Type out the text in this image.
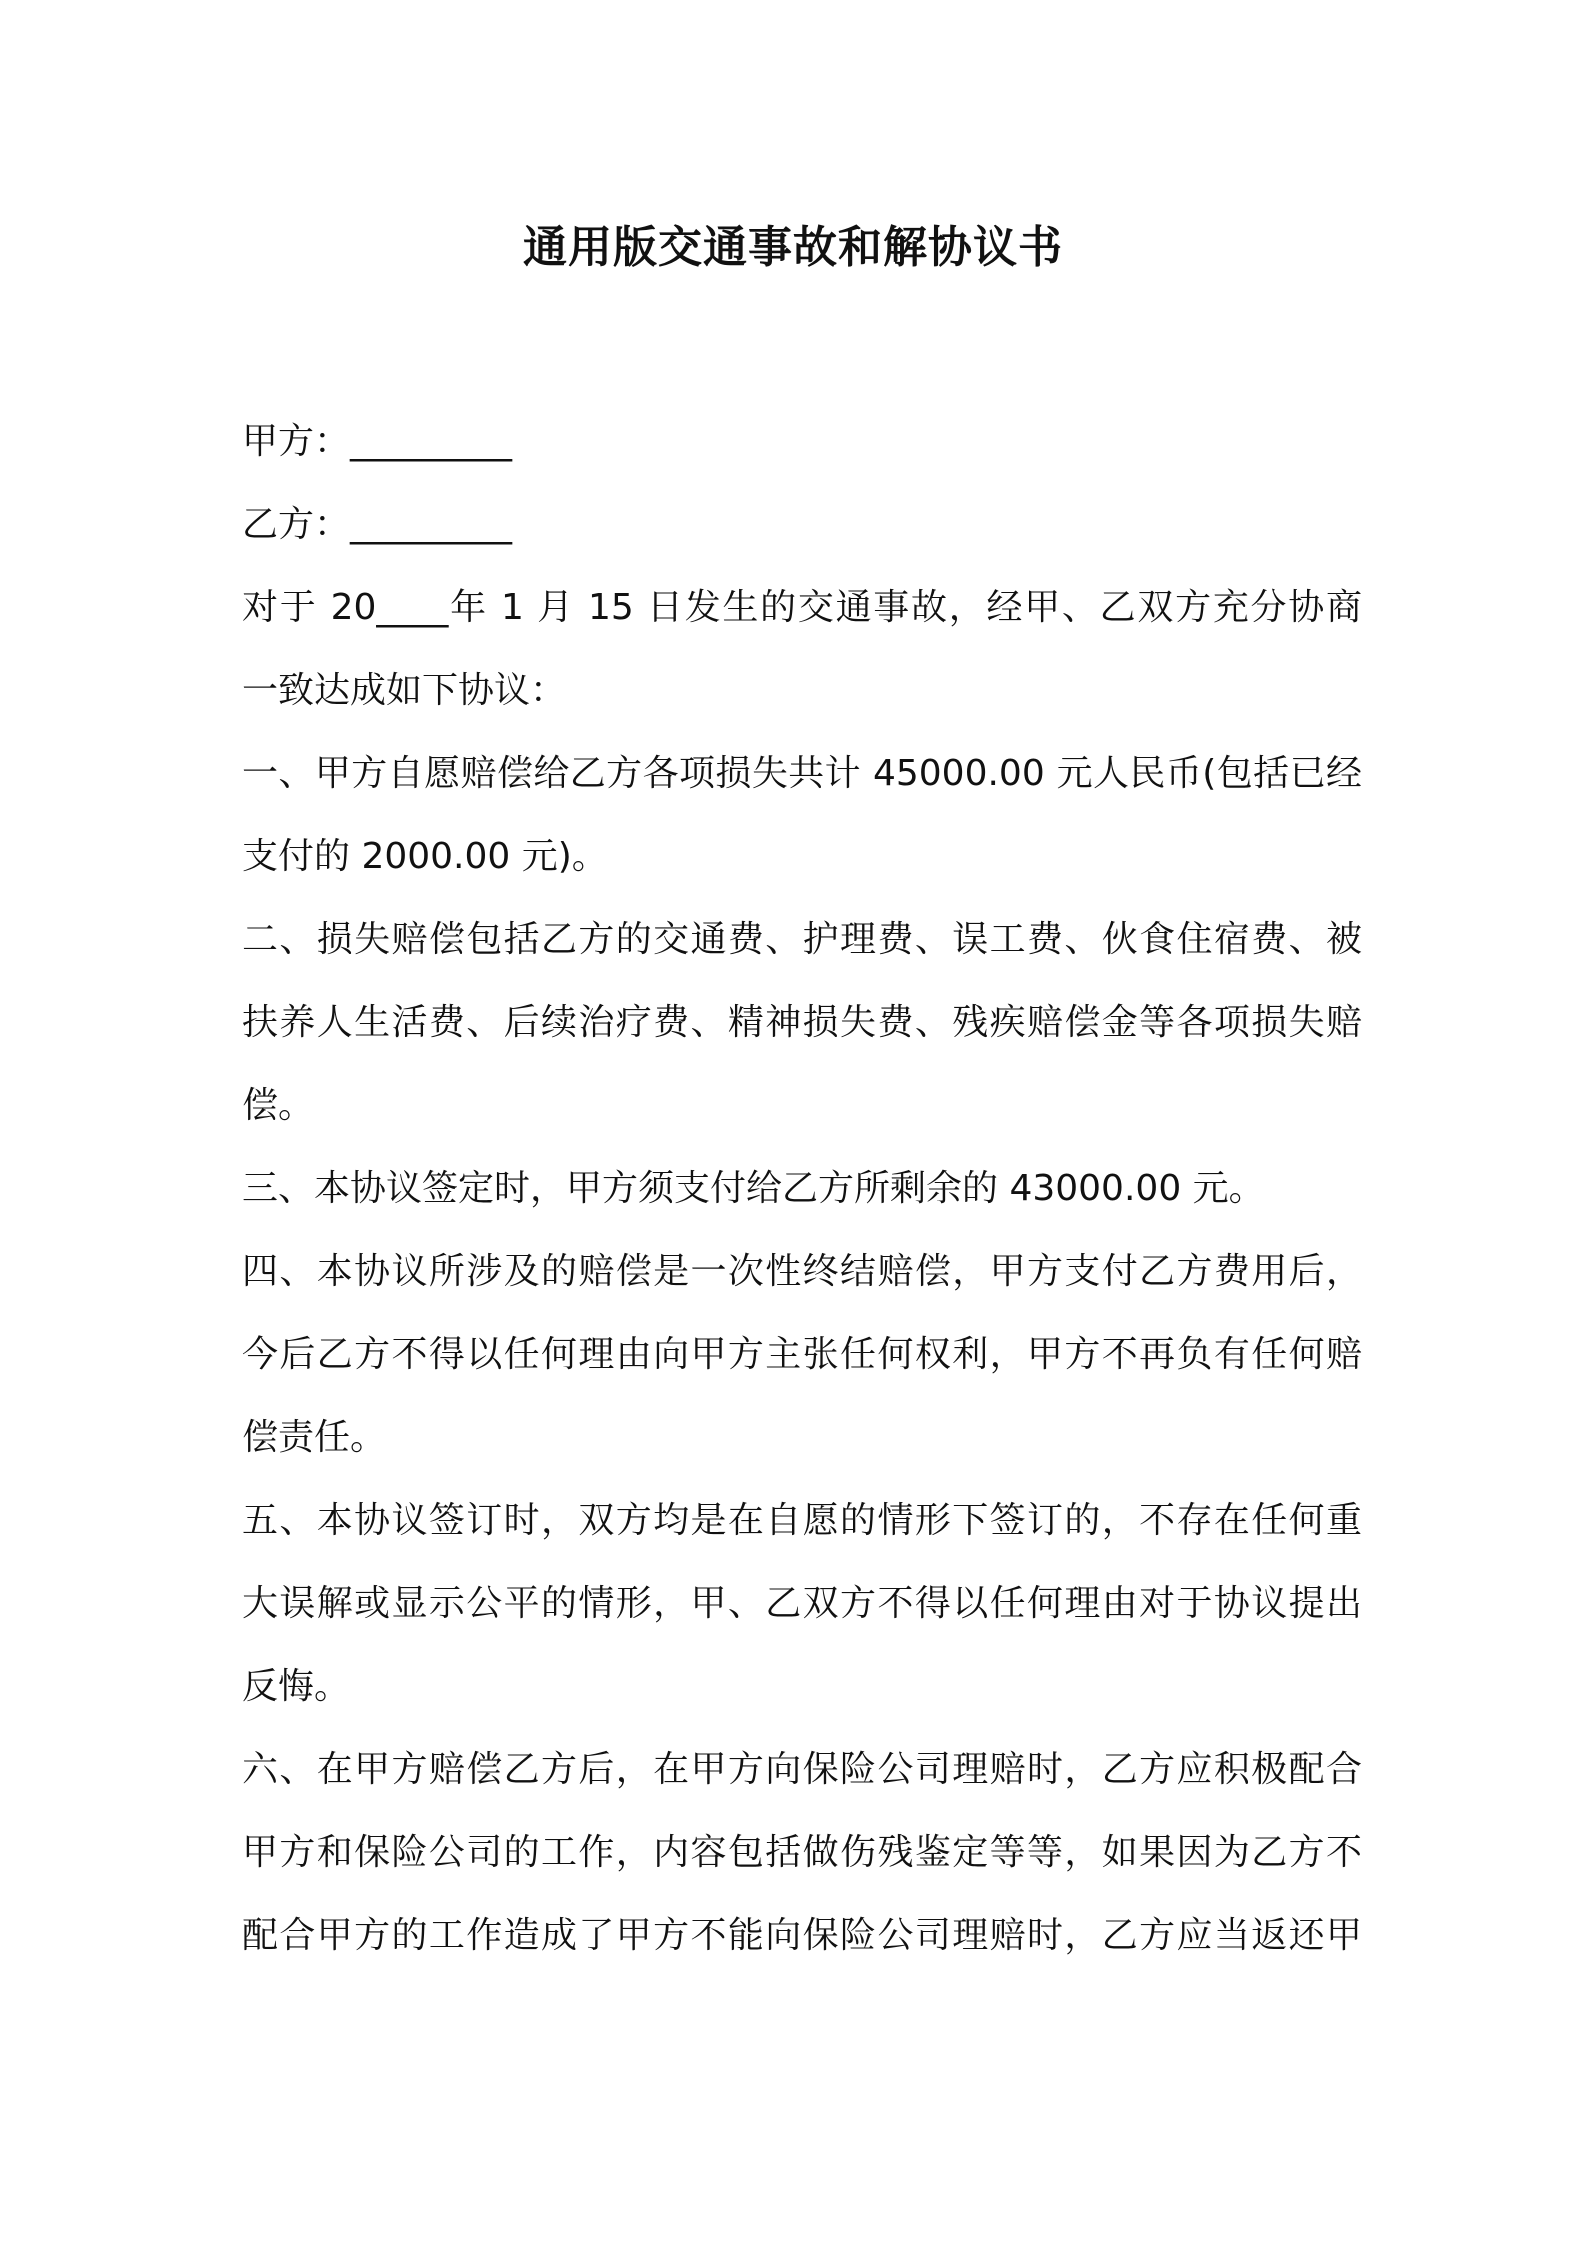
通用版交通事故和解协议书
甲方：_________
乙方：_________
对于 20____年 1 月 15 日发生的交通事故，经甲、乙双方充分协商
一致达成如下协议：
一、甲方自愿赔偿给乙方各项损失共计 45000.00 元人民币(包括已经
支付的 2000.00 元)。
二、损失赔偿包括乙方的交通费、护理费、误工费、伙食住宿费、被
扶养人生活费、后续治疗费、精神损失费、残疾赔偿金等各项损失赔
偿。
三、本协议签定时，甲方须支付给乙方所剩余的 43000.00 元。
四、本协议所涉及的赔偿是一次性终结赔偿，甲方支付乙方费用后，
今后乙方不得以任何理由向甲方主张任何权利，甲方不再负有任何赔
偿责任。
五、本协议签订时，双方均是在自愿的情形下签订的，不存在任何重
大误解或显示公平的情形，甲、乙双方不得以任何理由对于协议提出
反悔。
六、在甲方赔偿乙方后，在甲方向保险公司理赔时，乙方应积极配合
甲方和保险公司的工作，内容包括做伤残鉴定等等，如果因为乙方不
配合甲方的工作造成了甲方不能向保险公司理赔时，乙方应当返还甲
